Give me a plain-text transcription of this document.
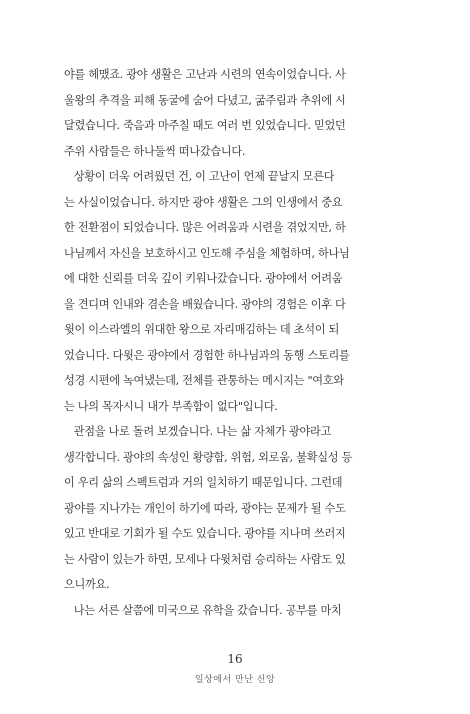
야를 헤맸죠. 광야 생활은 고난과 시련의 연속이었습니다. 사
울왕의 추격을 피해 동굴에 숨어 다녔고, 굶주림과 추위에 시
달렸습니다. 죽음과 마주칠 때도 여러 번 있었습니다. 믿었던
주위 사람들은 하나둘씩 떠나갔습니다.
상황이 더욱 어려웠던 건, 이 고난이 언제 끝날지 모른다
는 사실이었습니다. 하지만 광야 생활은 그의 인생에서 중요
한 전환점이 되었습니다. 많은 어려움과 시련을 겪었지만, 하
나님께서 자신을 보호하시고 인도해 주심을 체험하며, 하나님
에 대한 신뢰를 더욱 깊이 키워나갔습니다. 광야에서 어려움
을 견디며 인내와 겸손을 배웠습니다. 광야의 경험은 이후 다
윗이 이스라엘의 위대한 왕으로 자리매김하는 데 초석이 되
었습니다. 다윗은 광야에서 경험한 하나님과의 동행 스토리를
성경 시편에 녹여냈는데, 전체를 관통하는 메시지는 "여호와
는 나의 목자시니 내가 부족함이 없다"입니다.
관점을 나로 돌려 보겠습니다. 나는 삶 자체가 광야라고
생각합니다. 광야의 속성인 황량함, 위험, 외로움, 불확실성 등
이 우리 삶의 스펙트럼과 거의 일치하기 때문입니다. 그런데
광야를 지나가는 개인이 하기에 따라, 광야는 문제가 될 수도
있고 반대로 기회가 될 수도 있습니다. 광야를 지나며 쓰러지
는 사람이 있는가 하면, 모세나 다윗처럼 승리하는 사람도 있
으니까요.
나는 서른 살쯤에 미국으로 유학을 갔습니다. 공부를 마치
16
일상에서 만난 신앙
